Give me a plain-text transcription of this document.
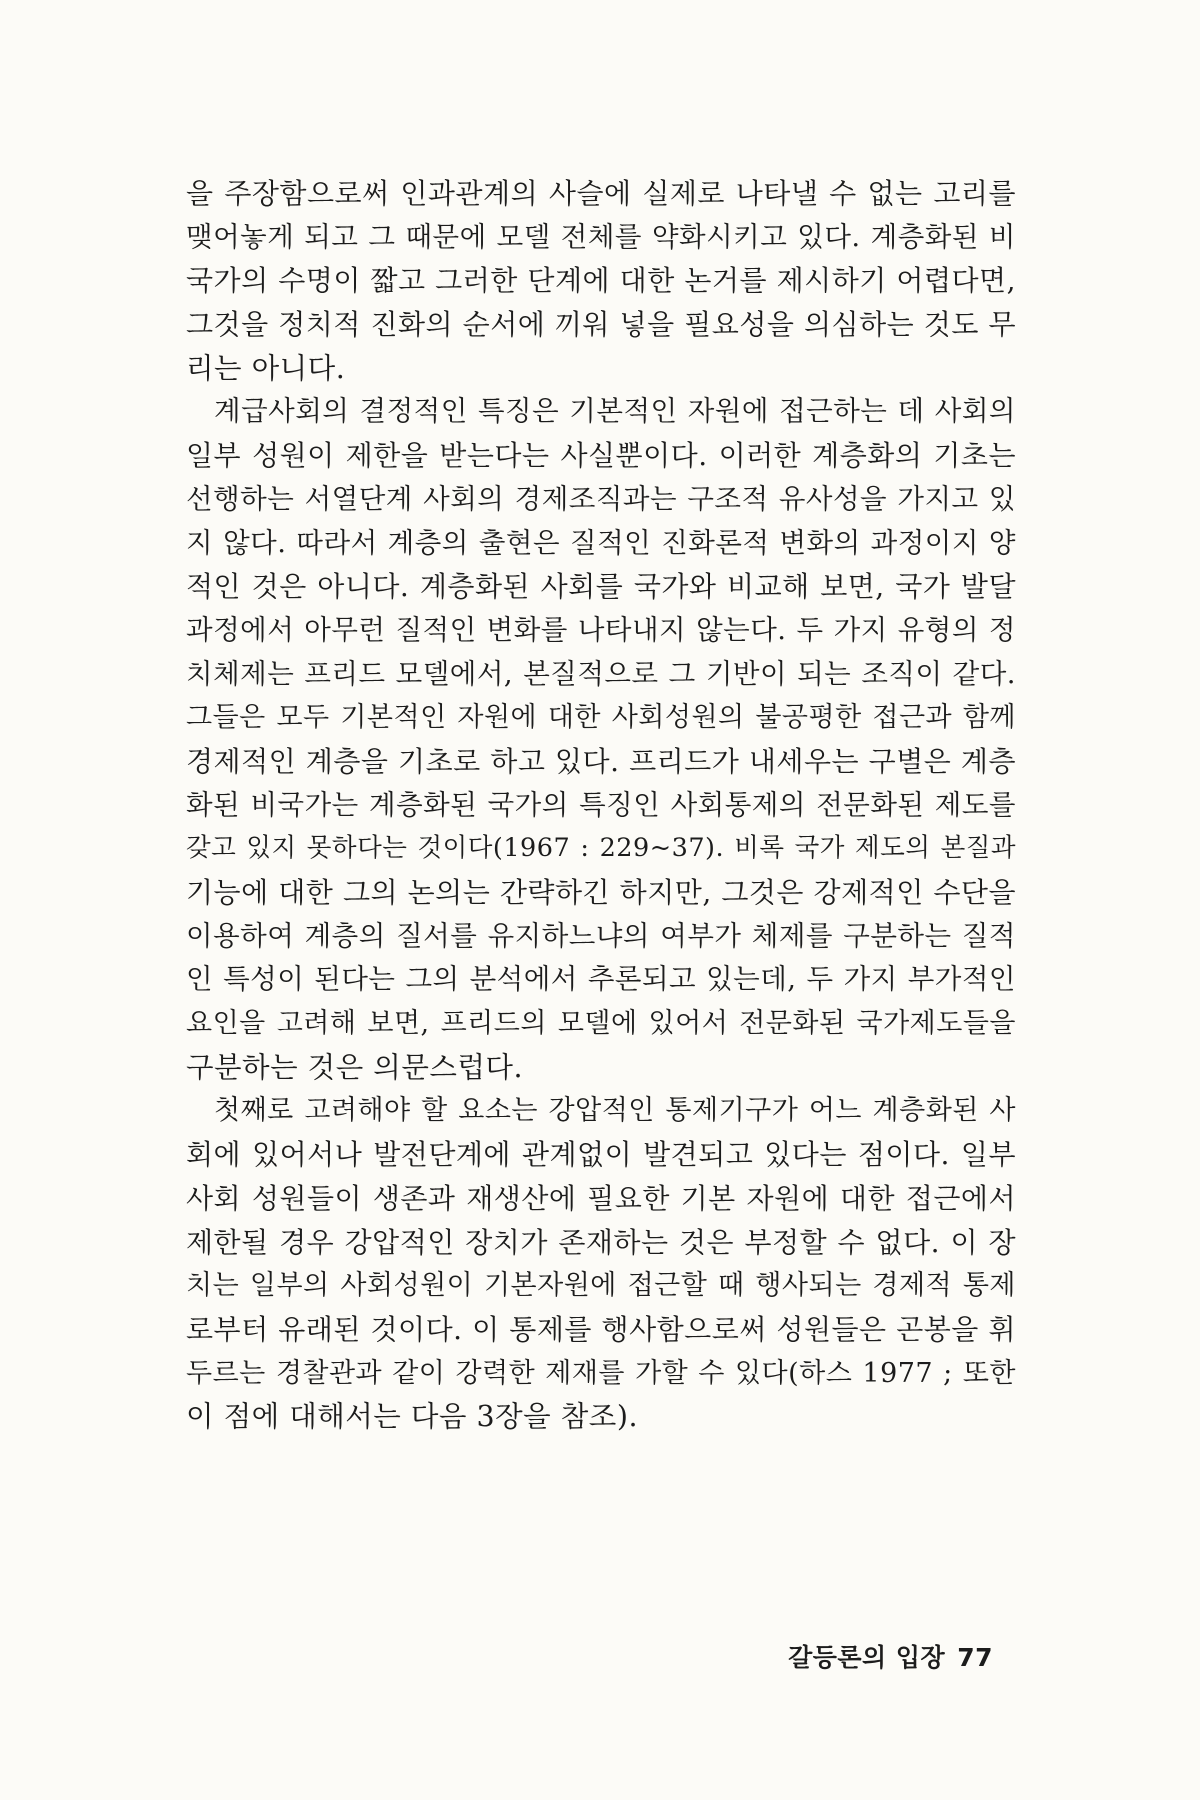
을 주장함으로써 인과관계의 사슬에 실제로 나타낼 수 없는 고리를
맺어놓게 되고 그 때문에 모델 전체를 약화시키고 있다. 계층화된 비
국가의 수명이 짧고 그러한 단계에 대한 논거를 제시하기 어렵다면,
그것을 정치적 진화의 순서에 끼워 넣을 필요성을 의심하는 것도 무
리는 아니다.
계급사회의 결정적인 특징은 기본적인 자원에 접근하는 데 사회의
일부 성원이 제한을 받는다는 사실뿐이다. 이러한 계층화의 기초는
선행하는 서열단계 사회의 경제조직과는 구조적 유사성을 가지고 있
지 않다. 따라서 계층의 출현은 질적인 진화론적 변화의 과정이지 양
적인 것은 아니다. 계층화된 사회를 국가와 비교해 보면, 국가 발달
과정에서 아무런 질적인 변화를 나타내지 않는다. 두 가지 유형의 정
치체제는 프리드 모델에서, 본질적으로 그 기반이 되는 조직이 같다.
그들은 모두 기본적인 자원에 대한 사회성원의 불공평한 접근과 함께
경제적인 계층을 기초로 하고 있다. 프리드가 내세우는 구별은 계층
화된 비국가는 계층화된 국가의 특징인 사회통제의 전문화된 제도를
갖고 있지 못하다는 것이다(1967 : 229~37). 비록 국가 제도의 본질과
기능에 대한 그의 논의는 간략하긴 하지만, 그것은 강제적인 수단을
이용하여 계층의 질서를 유지하느냐의 여부가 체제를 구분하는 질적
인 특성이 된다는 그의 분석에서 추론되고 있는데, 두 가지 부가적인
요인을 고려해 보면, 프리드의 모델에 있어서 전문화된 국가제도들을
구분하는 것은 의문스럽다.
첫째로 고려해야 할 요소는 강압적인 통제기구가 어느 계층화된 사
회에 있어서나 발전단계에 관계없이 발견되고 있다는 점이다. 일부
사회 성원들이 생존과 재생산에 필요한 기본 자원에 대한 접근에서
제한될 경우 강압적인 장치가 존재하는 것은 부정할 수 없다. 이 장
치는 일부의 사회성원이 기본자원에 접근할 때 행사되는 경제적 통제
로부터 유래된 것이다. 이 통제를 행사함으로써 성원들은 곤봉을 휘
두르는 경찰관과 같이 강력한 제재를 가할 수 있다(하스 1977 ; 또한
이 점에 대해서는 다음 3장을 참조).
갈등론의 입장 77
